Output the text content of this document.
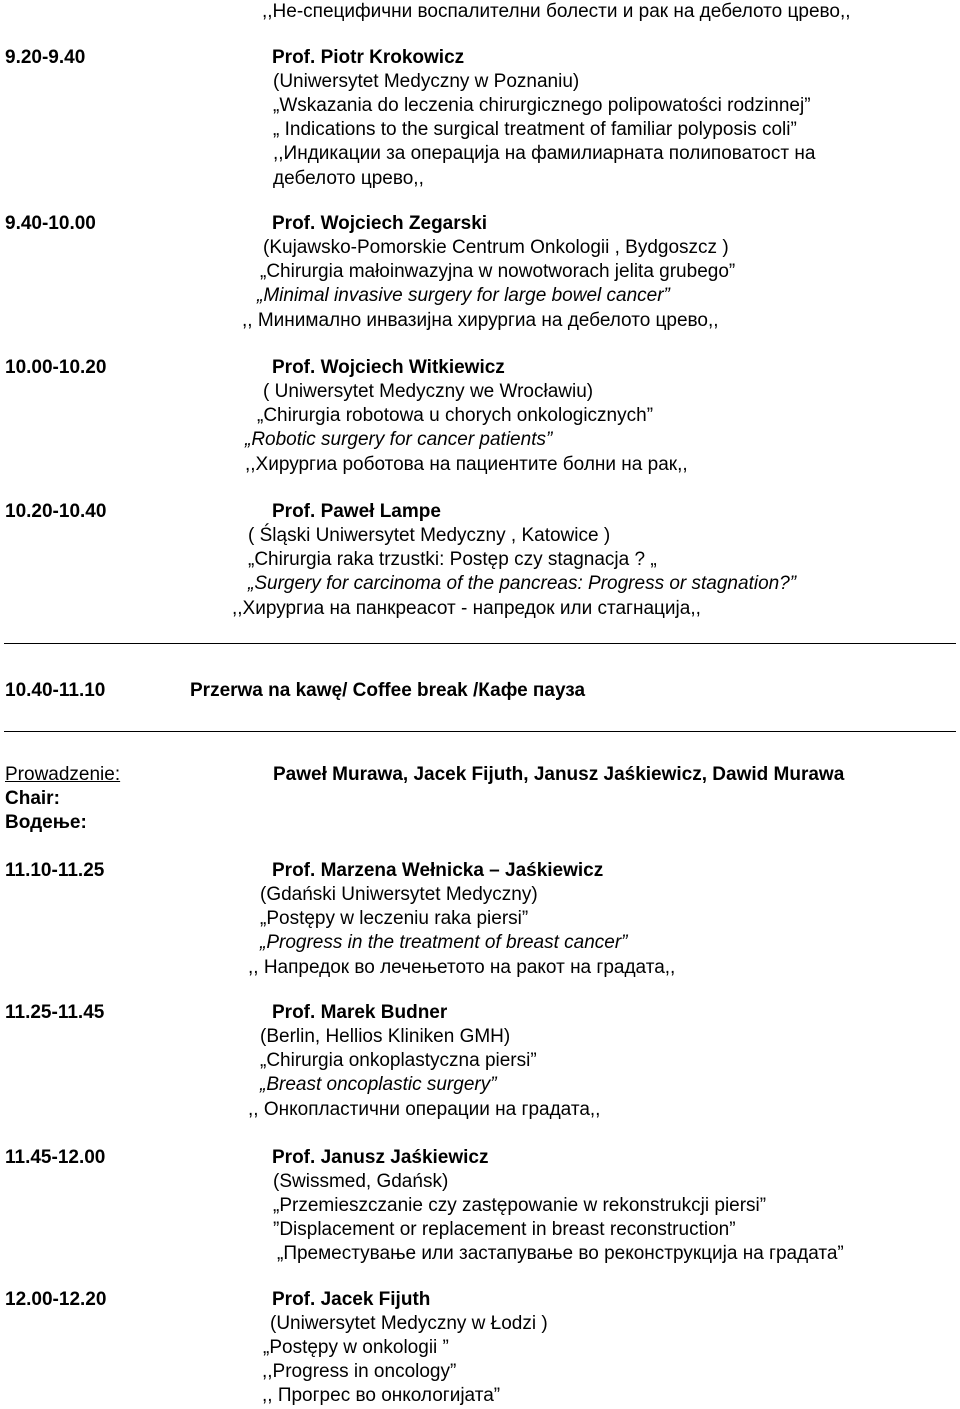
,,Не-специфични воспалителни болести и рак на дебелото црево,,
9.20-9.40	Prof. Piotr Krokowicz
(Uniwersytet Medyczny w Poznaniu)
„Wskazania do leczenia chirurgicznego polipowatości rodzinnej”
„ Indications to the surgical treatment of familiar polyposis coli”
,,Индикации за операција на фамилиарната полиповатост на
дебелото црево,,
9.40-10.00	Prof. Wojciech Zegarski
(Kujawsko-Pomorskie Centrum Onkologii , Bydgoszcz )
„Chirurgia małoinwazyjna w nowotworach jelita grubego”
„Minimal invasive surgery for large bowel cancer”
,, Минимално инвазијна хирургиа на дебелото црево,,
10.00-10.20	Prof. Wojciech Witkiewicz
( Uniwersytet Medyczny we Wrocławiu)
„Chirurgia robotowa u chorych onkologicznych”
„Robotic surgery for cancer patients”
,,Хирургиа роботова на пациентите болни на рак,,
10.20-10.40	Prof. Paweł Lampe
( Śląski Uniwersytet Medyczny , Katowice )
„Chirurgia raka trzustki: Postęp czy stagnacja ? „
„Surgery for carcinoma of the pancreas: Progress or stagnation?”
,,Хирургиа на панкреасот - напредок или стагнација,,
10.40-11.10	Przerwa na kawę/ Coffee break /Кафе пауза
Prowadzenie:
Chair:
Водење:
Paweł Murawa, Jacek Fijuth, Janusz Jaśkiewicz, Dawid Murawa
11.10-11.25	Prof. Marzena Wełnicka – Jaśkiewicz
(Gdański Uniwersytet Medyczny)
„Postępy w leczeniu raka piersi”
„Progress in the treatment of breast cancer”
,, Напредок во лечењетото на ракот на градата,,
11.25-11.45	Prof. Marek Budner
(Berlin, Hellios Kliniken GMH)
„Chirurgia onkoplastyczna piersi”
„Breast oncoplastic surgery”
,, Онкопластични операции на градата,,
11.45-12.00	Prof. Janusz Jaśkiewicz
(Swissmed, Gdańsk)
„Przemieszczanie czy zastępowanie w rekonstrukcji piersi”
”Displacement or replacement in breast reconstruction”
„Преместување или застапување во реконструкција на градата”
12.00-12.20	Prof. Jacek Fijuth
(Uniwersytet Medyczny w Łodzi )
„Postępy w onkologii ”
,,Progress in oncology”
,, Прогрес во онкологијата”
